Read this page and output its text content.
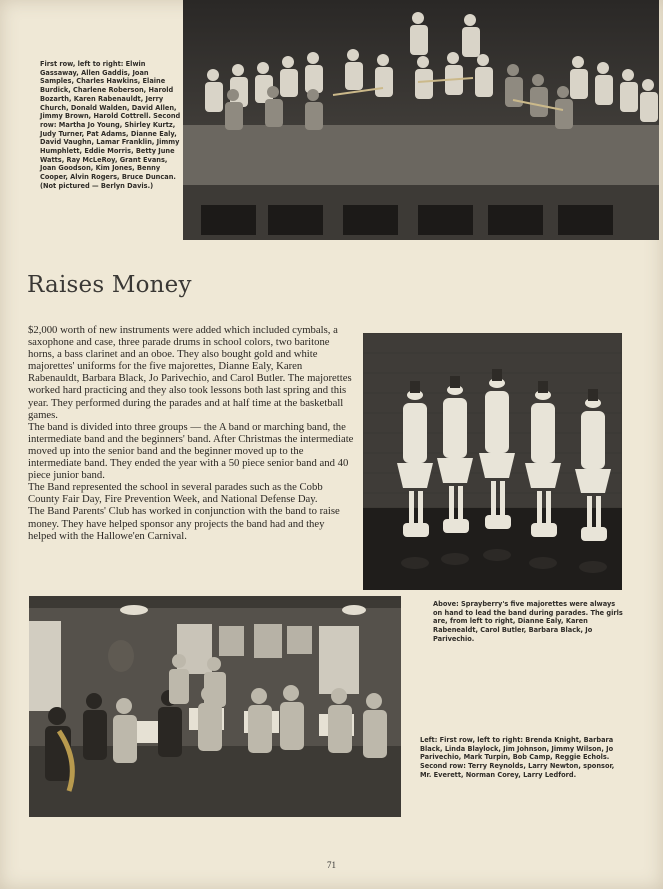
First row, left to right: Elwin Gassaway, Allen Gaddis, Joan Samples, Charles Hawkins, Elaine Burdick, Charlene Roberson, Harold Bozarth, Karen Rabenauldt, Jerry Church, Donald Walden, David Allen, Jimmy Brown, Harold Cottrell. Second row: Martha Jo Young, Shirley Kurtz, Judy Turner, Pat Adams, Dianne Ealy, David Vaughn, Lamar Franklin, Jimmy Humphlett, Eddie Morris, Betty June Watts, Ray McLeRoy, Grant Evans, Joan Goodson, Kim Jones, Benny Cooper, Alvin Rogers, Bruce Duncan. (Not pictured — Berlyn Davis.)
Raises Money

$2,000 worth of new instruments were added which included cymbals, a saxophone and case, three parade drums in school colors, two baritone horns, a bass clarinet and an oboe. They also bought gold and white majorettes' uniforms for the five majorettes, Dianne Ealy, Karen Rabenauldt, Barbara Black, Jo Parivechio, and Carol Butler. The majorettes worked hard practicing and they also took lessons both last spring and this year. They performed during the parades and at half time at the basketball games.

The band is divided into three groups — the A band or marching band, the intermediate band and the beginners' band. After Christmas the intermediate moved up into the senior band and the beginner moved up to the intermediate band. They ended the year with a 50 piece senior band and 40 piece junior band.

The Band represented the school in several parades such as the Cobb County Fair Day, Fire Prevention Week, and National Defense Day.

The Band Parents' Club has worked in conjunction with the band to raise money. They have helped sponsor any projects the band had and they helped with the Hallowe'en Carnival.

Above: Sprayberry's five majorettes were always on hand to lead the band during parades. The girls are, from left to right, Dianne Ealy, Karen Rabenealdt, Carol Butler, Barbara Black, Jo Parivechio.
Left: First row, left to right: Brenda Knight, Barbara Black, Linda Blaylock, Jim Johnson, Jimmy Wilson, Jo Parivechio, Mark Turpin, Bob Camp, Reggie Echols. Second row: Terry Reynolds, Larry Newton, sponsor, Mr. Everett, Norman Corey, Larry Ledford.
71
